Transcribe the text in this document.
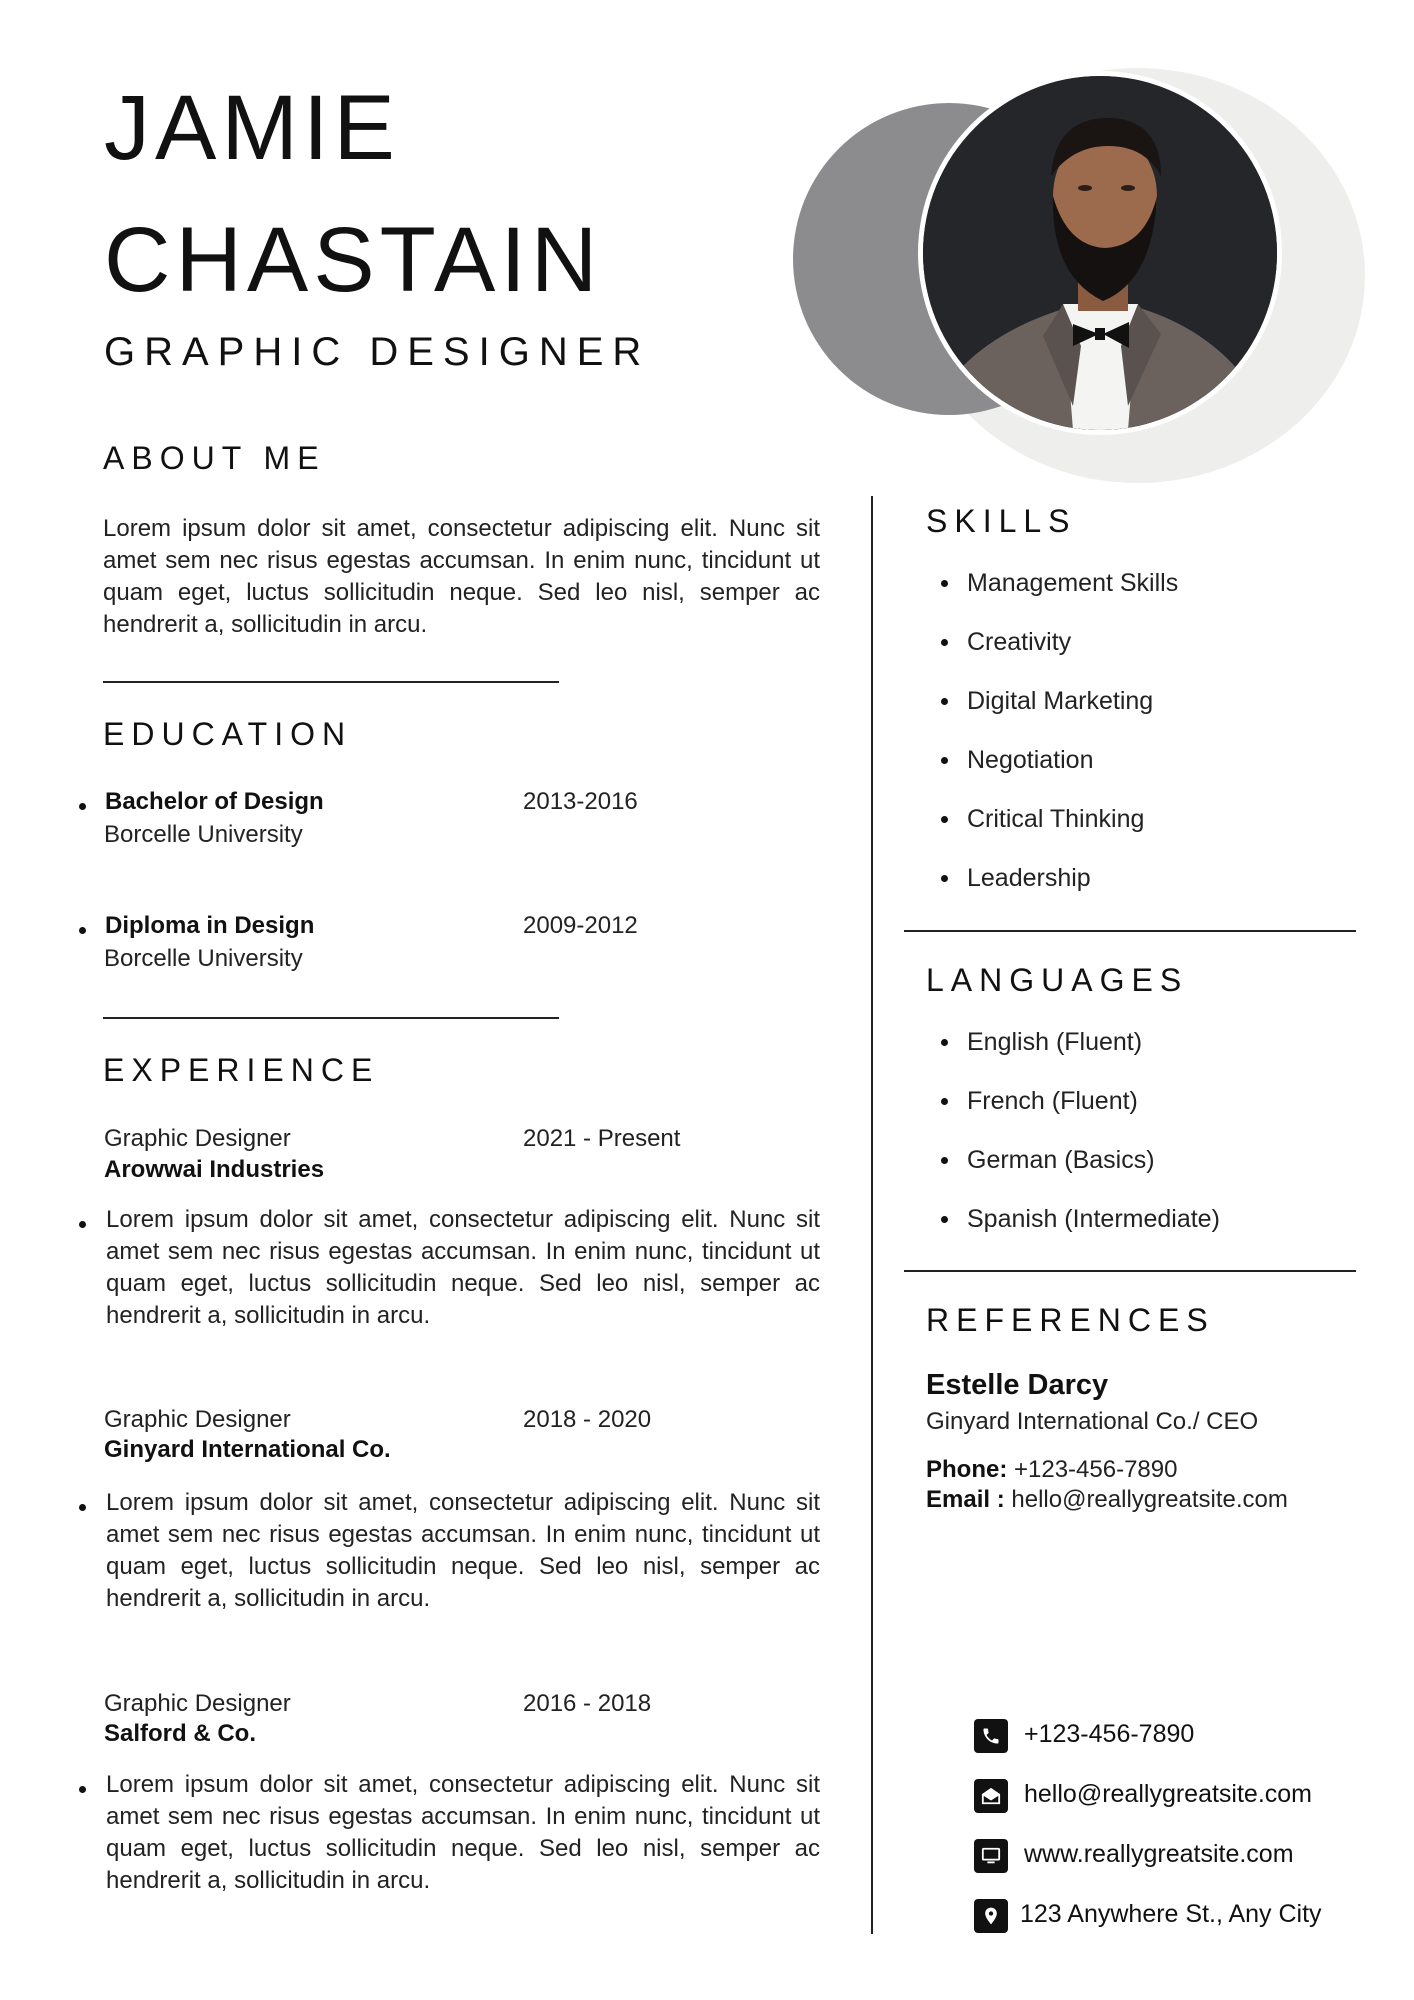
JAMIE
CHASTAIN
GRAPHIC DESIGNER
ABOUT ME

Lorem ipsum dolor sit amet, consectetur adipiscing elit. Nunc sit amet sem nec risus egestas accumsan. In enim nunc, tincidunt ut quam eget, luctus sollicitudin neque. Sed leo nisl, semper ac hendrerit a, sollicitudin in arcu.

EDUCATION
Bachelor of Design
Borcelle University
2013-2016
Diploma in Design
Borcelle University
2009-2012
EXPERIENCE
Graphic Designer	2021 - Present
Arowwai Industries

Lorem ipsum dolor sit amet, consectetur adipiscing elit. Nunc sit amet sem nec risus egestas accumsan. In enim nunc, tincidunt ut quam eget, luctus sollicitudin neque. Sed leo nisl, semper ac hendrerit a, sollicitudin in arcu.

Graphic Designer	2018 - 2020
Ginyard International Co.

Lorem ipsum dolor sit amet, consectetur adipiscing elit. Nunc sit amet sem nec risus egestas accumsan. In enim nunc, tincidunt ut quam eget, luctus sollicitudin neque. Sed leo nisl, semper ac hendrerit a, sollicitudin in arcu.

Graphic Designer	2016 - 2018
Salford & Co.

Lorem ipsum dolor sit amet, consectetur adipiscing elit. Nunc sit amet sem nec risus egestas accumsan. In enim nunc, tincidunt ut quam eget, luctus sollicitudin neque. Sed leo nisl, semper ac hendrerit a, sollicitudin in arcu.

SKILLS
Management Skills
Creativity
Digital Marketing
Negotiation
Critical Thinking
Leadership
LANGUAGES
English (Fluent)
French (Fluent)
German (Basics)
Spanish (Intermediate)
REFERENCES
Estelle Darcy
Ginyard International Co./ CEO
Phone: +123-456-7890
Email : hello@reallygreatsite.com
+123-456-7890
hello@reallygreatsite.com
www.reallygreatsite.com
123 Anywhere St., Any City
